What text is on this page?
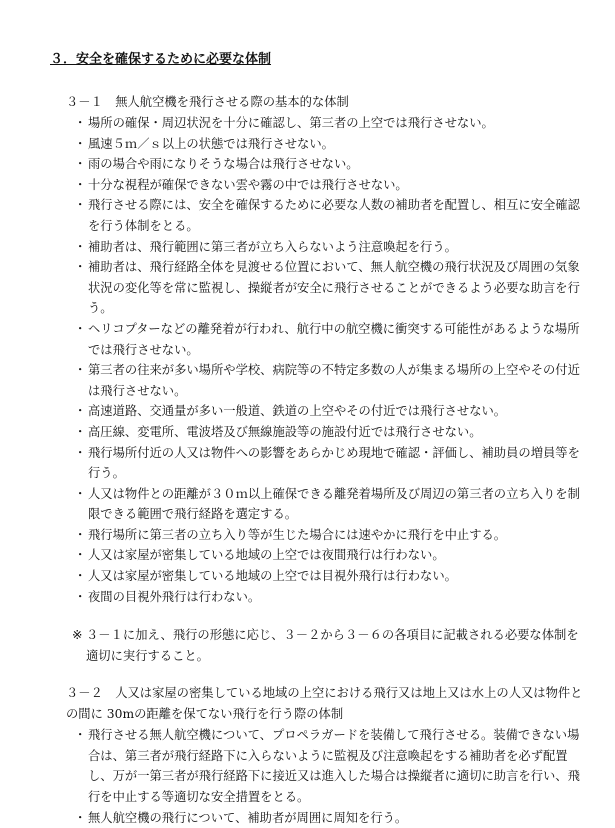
３．安全を確保するために必要な体制
３－１　無人航空機を飛行させる際の基本的な体制
・ 場所の確保・周辺状況を十分に確認し、第三者の上空では飛行させない。
・ 風速５ｍ／ｓ以上の状態では飛行させない。
・ 雨の場合や雨になりそうな場合は飛行させない。
・ 十分な視程が確保できない雲や霧の中では飛行させない。
・ 飛行させる際には、安全を確保するために必要な人数の補助者を配置し、相互に安全確認を行う体制をとる。
・ 補助者は、飛行範囲に第三者が立ち入らないよう注意喚起を行う。
・ 補助者は、飛行経路全体を見渡せる位置において、無人航空機の飛行状況及び周囲の気象状況の変化等を常に監視し、操縦者が安全に飛行させることができるよう必要な助言を行う。
・ ヘリコプターなどの離発着が行われ、航行中の航空機に衝突する可能性があるような場所では飛行させない。
・ 第三者の往来が多い場所や学校、病院等の不特定多数の人が集まる場所の上空やその付近は飛行させない。
・ 高速道路、交通量が多い一般道、鉄道の上空やその付近では飛行させない。
・ 高圧線、変電所、電波塔及び無線施設等の施設付近では飛行させない。
・ 飛行場所付近の人又は物件への影響をあらかじめ現地で確認・評価し、補助員の増員等を行う。
・ 人又は物件との距離が３０ｍ以上確保できる離発着場所及び周辺の第三者の立ち入りを制限できる範囲で飛行経路を選定する。
・ 飛行場所に第三者の立ち入り等が生じた場合には速やかに飛行を中止する。
・ 人又は家屋が密集している地域の上空では夜間飛行は行わない。
・ 人又は家屋が密集している地域の上空では目視外飛行は行わない。
・ 夜間の目視外飛行は行わない。
※ ３－１に加え、飛行の形態に応じ、３－２から３－６の各項目に記載される必要な体制を適切に実行すること。
３－２　人又は家屋の密集している地域の上空における飛行又は地上又は水上の人又は物件との間に 30mの距離を保てない飛行を行う際の体制
・ 飛行させる無人航空機について、プロペラガードを装備して飛行させる。装備できない場合は、第三者が飛行経路下に入らないように監視及び注意喚起をする補助者を必ず配置し、万が一第三者が飛行経路下に接近又は進入した場合は操縦者に適切に助言を行い、飛行を中止する等適切な安全措置をとる。
・ 無人航空機の飛行について、補助者が周囲に周知を行う。
